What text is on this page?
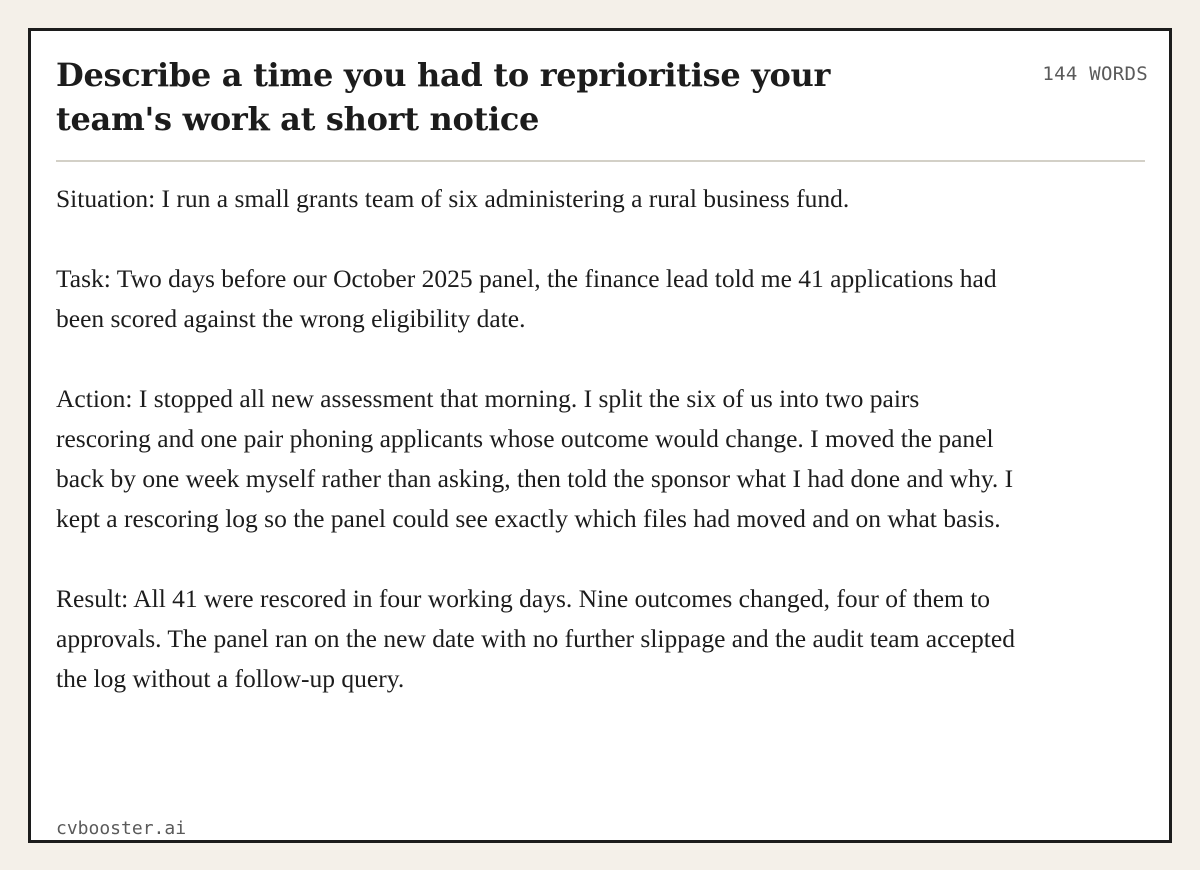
Describe a time you had to reprioritise your team's work at short notice
144 WORDS

Situation: I run a small grants team of six administering a rural business fund.

Task: Two days before our October 2025 panel, the finance lead told me 41 applications had been scored against the wrong eligibility date.

Action: I stopped all new assessment that morning. I split the six of us into two pairs rescoring and one pair phoning applicants whose outcome would change. I moved the panel back by one week myself rather than asking, then told the sponsor what I had done and why. I kept a rescoring log so the panel could see exactly which files had moved and on what basis.

Result: All 41 were rescored in four working days. Nine outcomes changed, four of them to approvals. The panel ran on the new date with no further slippage and the audit team accepted the log without a follow-up query.

cvbooster.ai
